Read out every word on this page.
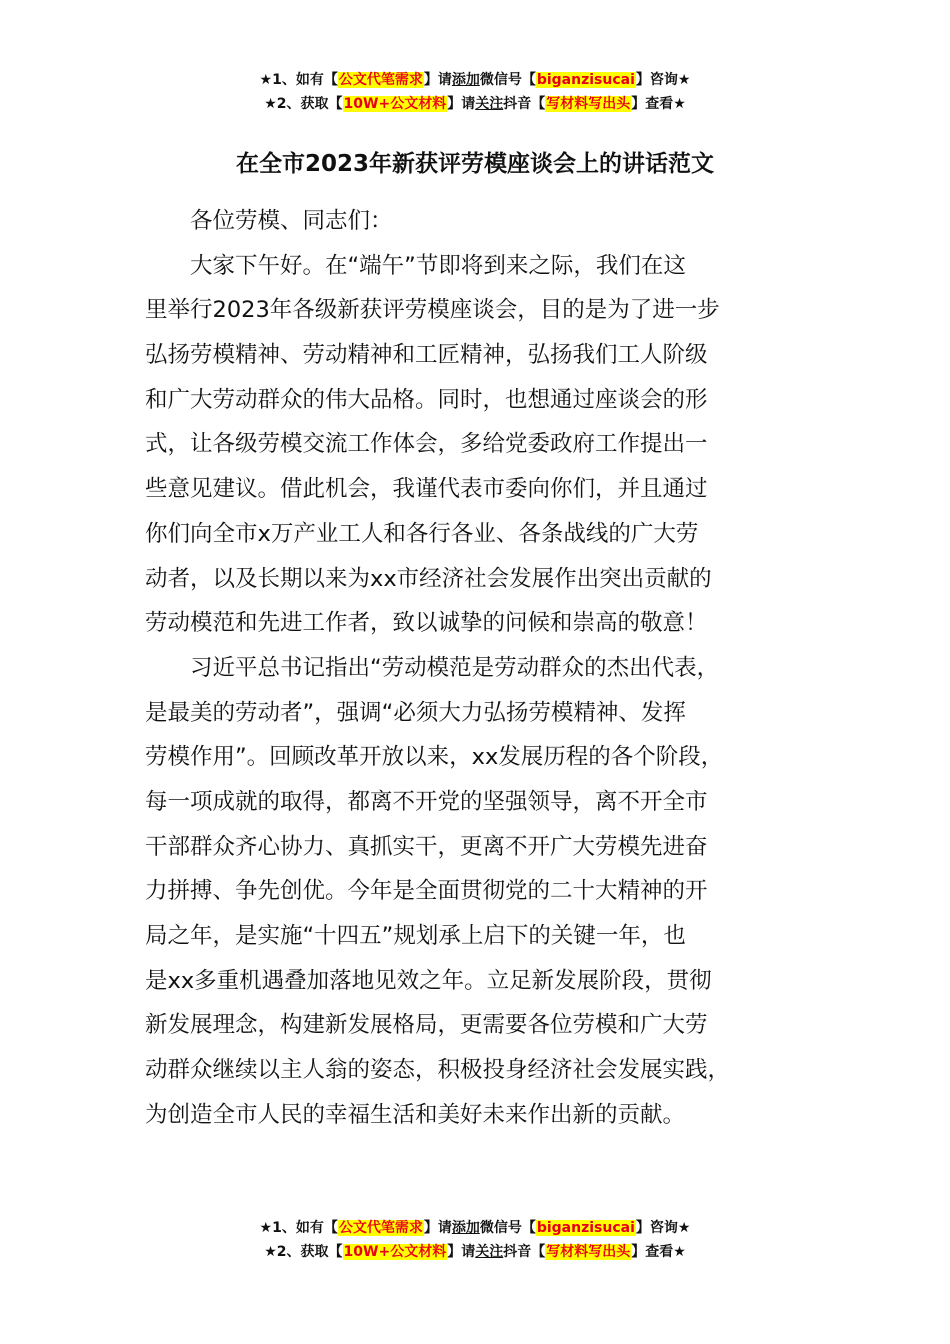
★1、如有【公文代笔需求】请添加微信号【biganzisucai】咨询★
★2、获取【10W+公文材料】请关注抖音【写材料写出头】查看★
在全市2023年新获评劳模座谈会上的讲话范文
　　各位劳模、同志们：
　　大家下午好。在“端午”节即将到来之际，我们在这
里举行2023年各级新获评劳模座谈会，目的是为了进一步
弘扬劳模精神、劳动精神和工匠精神，弘扬我们工人阶级
和广大劳动群众的伟大品格。同时，也想通过座谈会的形
式，让各级劳模交流工作体会，多给党委政府工作提出一
些意见建议。借此机会，我谨代表市委向你们，并且通过
你们向全市x万产业工人和各行各业、各条战线的广大劳
动者，以及长期以来为xx市经济社会发展作出突出贡献的
劳动模范和先进工作者，致以诚挚的问候和崇高的敬意！
　　习近平总书记指出“劳动模范是劳动群众的杰出代表，
是最美的劳动者”，强调“必须大力弘扬劳模精神、发挥
劳模作用”。回顾改革开放以来，xx发展历程的各个阶段，
每一项成就的取得，都离不开党的坚强领导，离不开全市
干部群众齐心协力、真抓实干，更离不开广大劳模先进奋
力拼搏、争先创优。今年是全面贯彻党的二十大精神的开
局之年，是实施“十四五”规划承上启下的关键一年，也
是xx多重机遇叠加落地见效之年。立足新发展阶段，贯彻
新发展理念，构建新发展格局，更需要各位劳模和广大劳
动群众继续以主人翁的姿态，积极投身经济社会发展实践，
为创造全市人民的幸福生活和美好未来作出新的贡献。
★1、如有【公文代笔需求】请添加微信号【biganzisucai】咨询★
★2、获取【10W+公文材料】请关注抖音【写材料写出头】查看★
